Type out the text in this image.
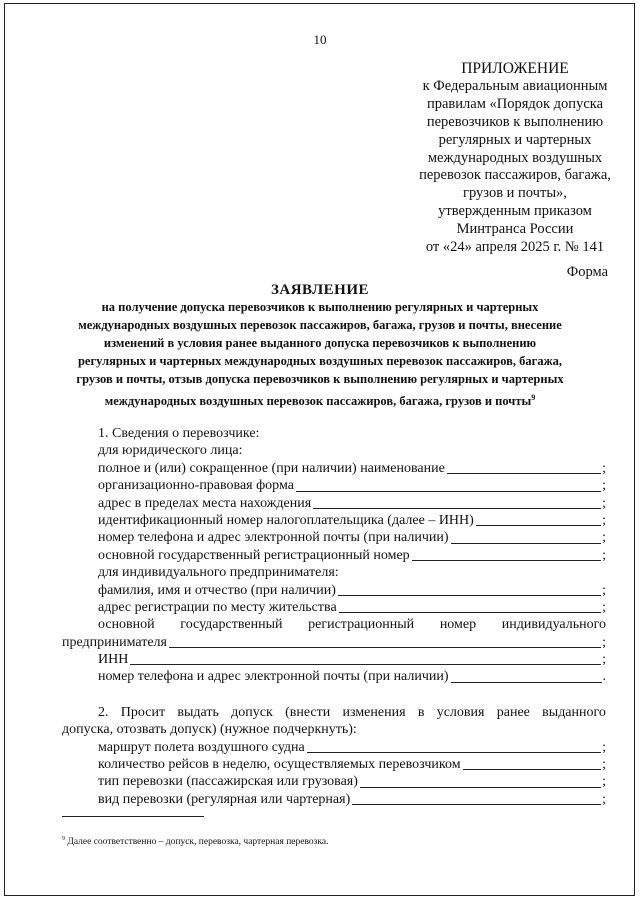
10
ПРИЛОЖЕНИЕ
к Федеральным авиационным
правилам «Порядок допуска
перевозчиков к выполнению
регулярных и чартерных
международных воздушных
перевозок пассажиров, багажа,
грузов и почты»,
утвержденным приказом
Минтранса России
от «24» апреля 2025 г. № 141
Форма
ЗАЯВЛЕНИЕ
на получение допуска перевозчиков к выполнению регулярных и чартерных
международных воздушных перевозок пассажиров, багажа, грузов и почты, внесение
изменений в условия ранее выданного допуска перевозчиков к выполнению
регулярных и чартерных международных воздушных перевозок пассажиров, багажа,
грузов и почты, отзыв допуска перевозчиков к выполнению регулярных и чартерных
международных воздушных перевозок пассажиров, багажа, грузов и почты$^9$
1. Сведения о перевозчике:
для юридического лица:
полное и (или) сокращенное (при наличии) наименование	;
организационно-правовая форма	;
адрес в пределах места нахождения	;
идентификационный номер налогоплательщика (далее – ИНН)	;
номер телефона и адрес электронной почты (при наличии)	;
основной государственный регистрационный номер	;
для индивидуального предпринимателя:
фамилия, имя и отчество (при наличии)	;
адрес регистрации по месту жительства	;
основной государственный регистрационный номер индивидуального
предпринимателя	;
ИНН	;
номер телефона и адрес электронной почты (при наличии)	.
2. Просит выдать допуск (внести изменения в условия ранее выданного
допуска, отозвать допуск) (нужное подчеркнуть):
маршрут полета воздушного судна	;
количество рейсов в неделю, осуществляемых перевозчиком	;
тип перевозки (пассажирская или грузовая)	;
вид перевозки (регулярная или чартерная)	;
$^9$ Далее соответственно – допуск, перевозка, чартерная перевозка.
